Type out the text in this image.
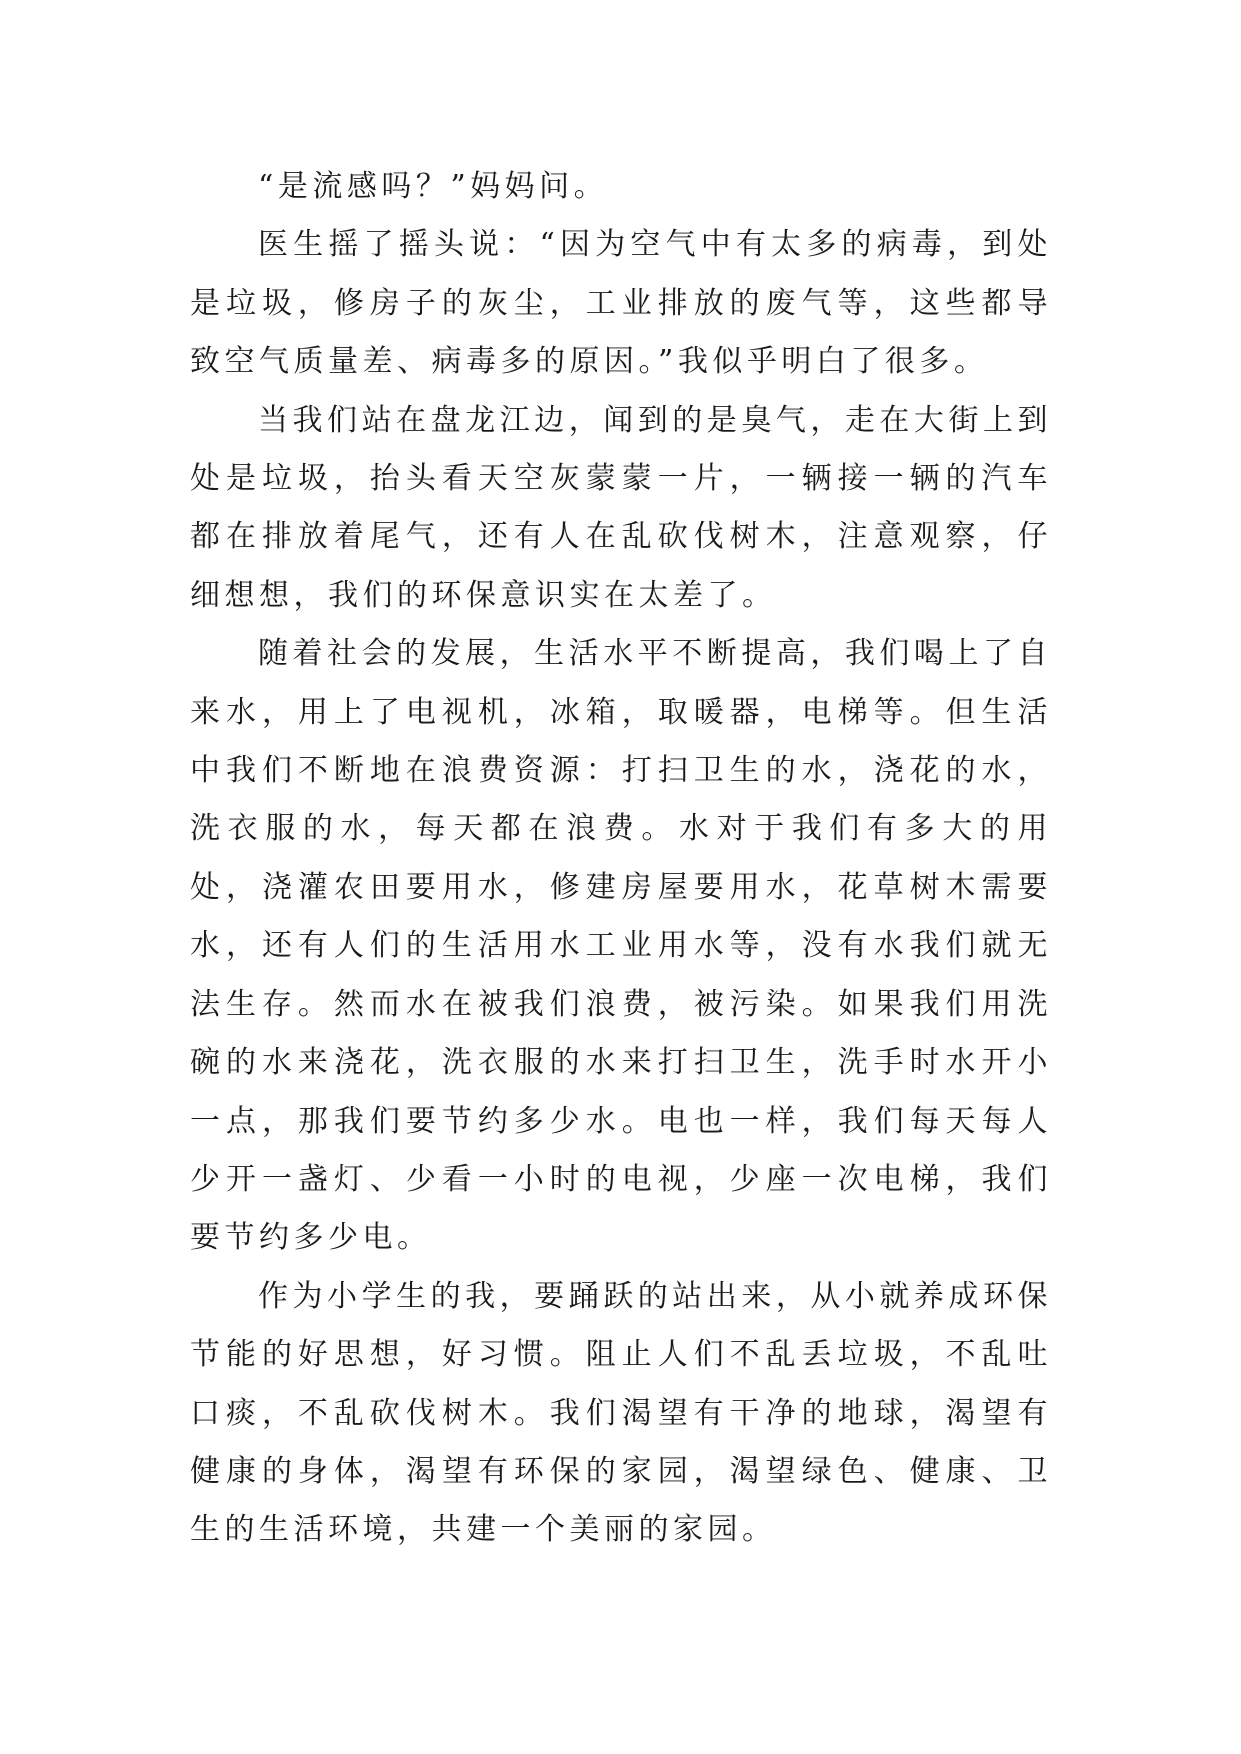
“是流感吗？”妈妈问。

医生摇了摇头说：“因为空气中有太多的病毒，到处是垃圾，修房子的灰尘，工业排放的废气等，这些都导致空气质量差、病毒多的原因。”我似乎明白了很多。

当我们站在盘龙江边，闻到的是臭气，走在大街上到处是垃圾，抬头看天空灰蒙蒙一片，一辆接一辆的汽车都在排放着尾气，还有人在乱砍伐树木，注意观察，仔细想想，我们的环保意识实在太差了。

随着社会的发展，生活水平不断提高，我们喝上了自来水，用上了电视机，冰箱，取暖器，电梯等。但生活中我们不断地在浪费资源：打扫卫生的水，浇花的水，洗衣服的水，每天都在浪费。水对于我们有多大的用处，浇灌农田要用水，修建房屋要用水，花草树木需要水，还有人们的生活用水工业用水等，没有水我们就无法生存。然而水在被我们浪费，被污染。如果我们用洗碗的水来浇花，洗衣服的水来打扫卫生，洗手时水开小一点，那我们要节约多少水。电也一样，我们每天每人少开一盏灯、少看一小时的电视，少座一次电梯，我们要节约多少电。

作为小学生的我，要踊跃的站出来，从小就养成环保节能的好思想，好习惯。阻止人们不乱丢垃圾，不乱吐口痰，不乱砍伐树木。我们渴望有干净的地球，渴望有健康的身体，渴望有环保的家园，渴望绿色、健康、卫生的生活环境，共建一个美丽的家园。
